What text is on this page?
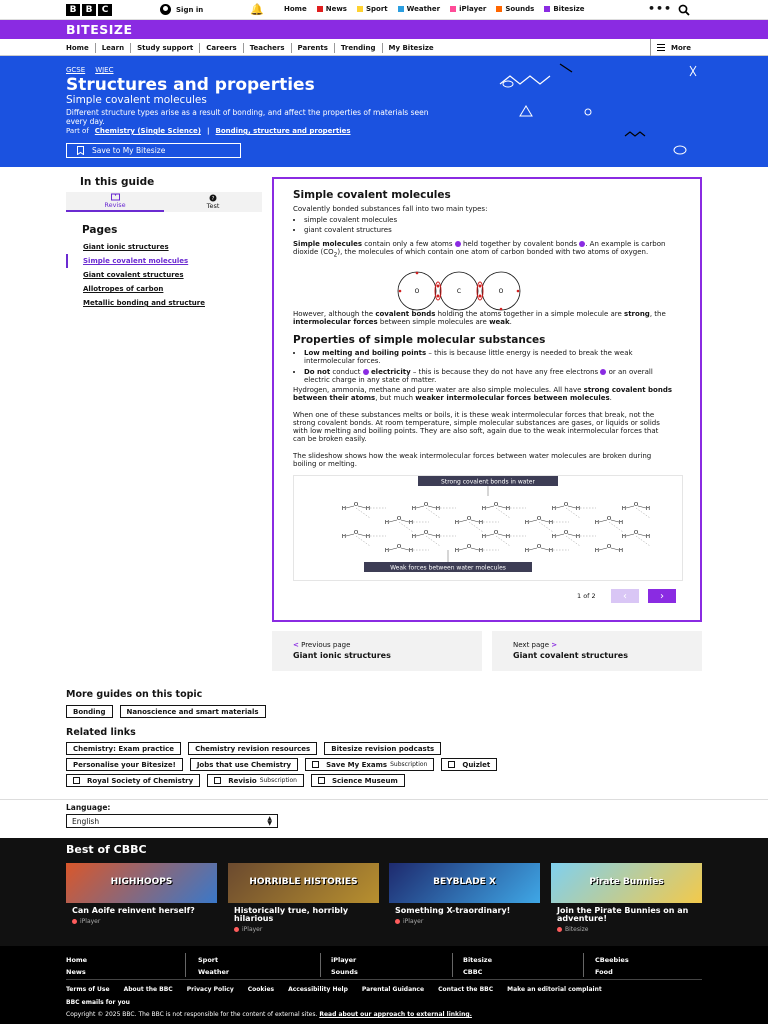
B	B	C	Sign in	🔔	Home	News	Sport	Weather	iPlayer	Sounds	Bitesize	•••
BITESIZE
Home	Learn	Study support	Careers	Teachers	Parents	Trending	My Bitesize	More
GCSE WJEC
Structures and properties
Simple covalent molecules
Different structure types arise as a result of bonding, and affect the properties of materials seen every day.
Part of Chemistry (Single Science) | Bonding, structure and properties
Save to My Bitesize
In this guide
Revise
?
Test
Pages
Giant ionic structures
Simple covalent molecules
Giant covalent structures
Allotropes of carbon
Metallic bonding and structure
Simple covalent molecules
Covalently bonded substances fall into two main types:
• simple covalent molecules
• giant covalent structures
Simple molecules contain only a few atoms  held together by covalent bonds . An example is carbon dioxide $(CO_2)$, the molecules of which contain one atom of carbon bonded with two atoms of oxygen.
O	C	O
However, although the covalent bonds holding the atoms together in a simple molecule are strong, the intermolecular forces between simple molecules are weak.
Properties of simple molecular substances
• Low melting and boiling points – this is because little energy is needed to break the weak intermolecular forces.
• Do not conduct  electricity – this is because they do not have any free electrons  or an overall electric charge in any state of matter.
Hydrogen, ammonia, methane and pure water are also simple molecules. All have strong covalent bonds between their atoms, but much weaker intermolecular forces between molecules.
When one of these substances melts or boils, it is these weak intermolecular forces that break, not the strong covalent bonds. At room temperature, simple molecular substances are gases, or liquids or solids with low melting and boiling points. They are also soft, again due to the weak intermolecular forces that can be broken easily.
The slideshow shows how the weak intermolecular forces between water molecules are broken during boiling or melting.
Strong covalent bonds in water
Weak forces between water molecules
O
H	H
O
H	H
O
H	H
O
H	H
O
H	H
O
H	H
O
H	H
O
H	H
O
H	H
O
H	H
O
H	H
O
H	H
O
H	H
O
H	H
O
H	H
O
H	H
O
H	H
O
H	H
1 of 2	‹	›
< Previous page
Giant ionic structures
Next page >
Giant covalent structures
More guides on this topic
Bonding	Nanoscience and smart materials
Related links
Chemistry: Exam practice	Chemistry revision resources	Bitesize revision podcasts
Personalise your Bitesize!	Jobs that use Chemistry	Save My Exams Subscription	Quizlet
Royal Society of Chemistry	Revisio Subscription	Science Museum
Language:
English	▲
▼
Best of CBBC
HIGHHOOPS
Can Aoife reinvent herself?
iPlayer
HORRIBLE HISTORIES
Historically true, horribly hilarious
iPlayer
BEYBLADE X
Something X-traordinary!
iPlayer
Pirate Bunnies
Join the Pirate Bunnies on an adventure!
Bitesize
Home
News
Sport
Weather
iPlayer
Sounds
Bitesize
CBBC
CBeebies
Food
Terms of Use About the BBC Privacy Policy Cookies Accessibility Help Parental Guidance Contact the BBC Make an editorial complaint
BBC emails for you
Copyright © 2025 BBC. The BBC is not responsible for the content of external sites. Read about our approach to external linking.
